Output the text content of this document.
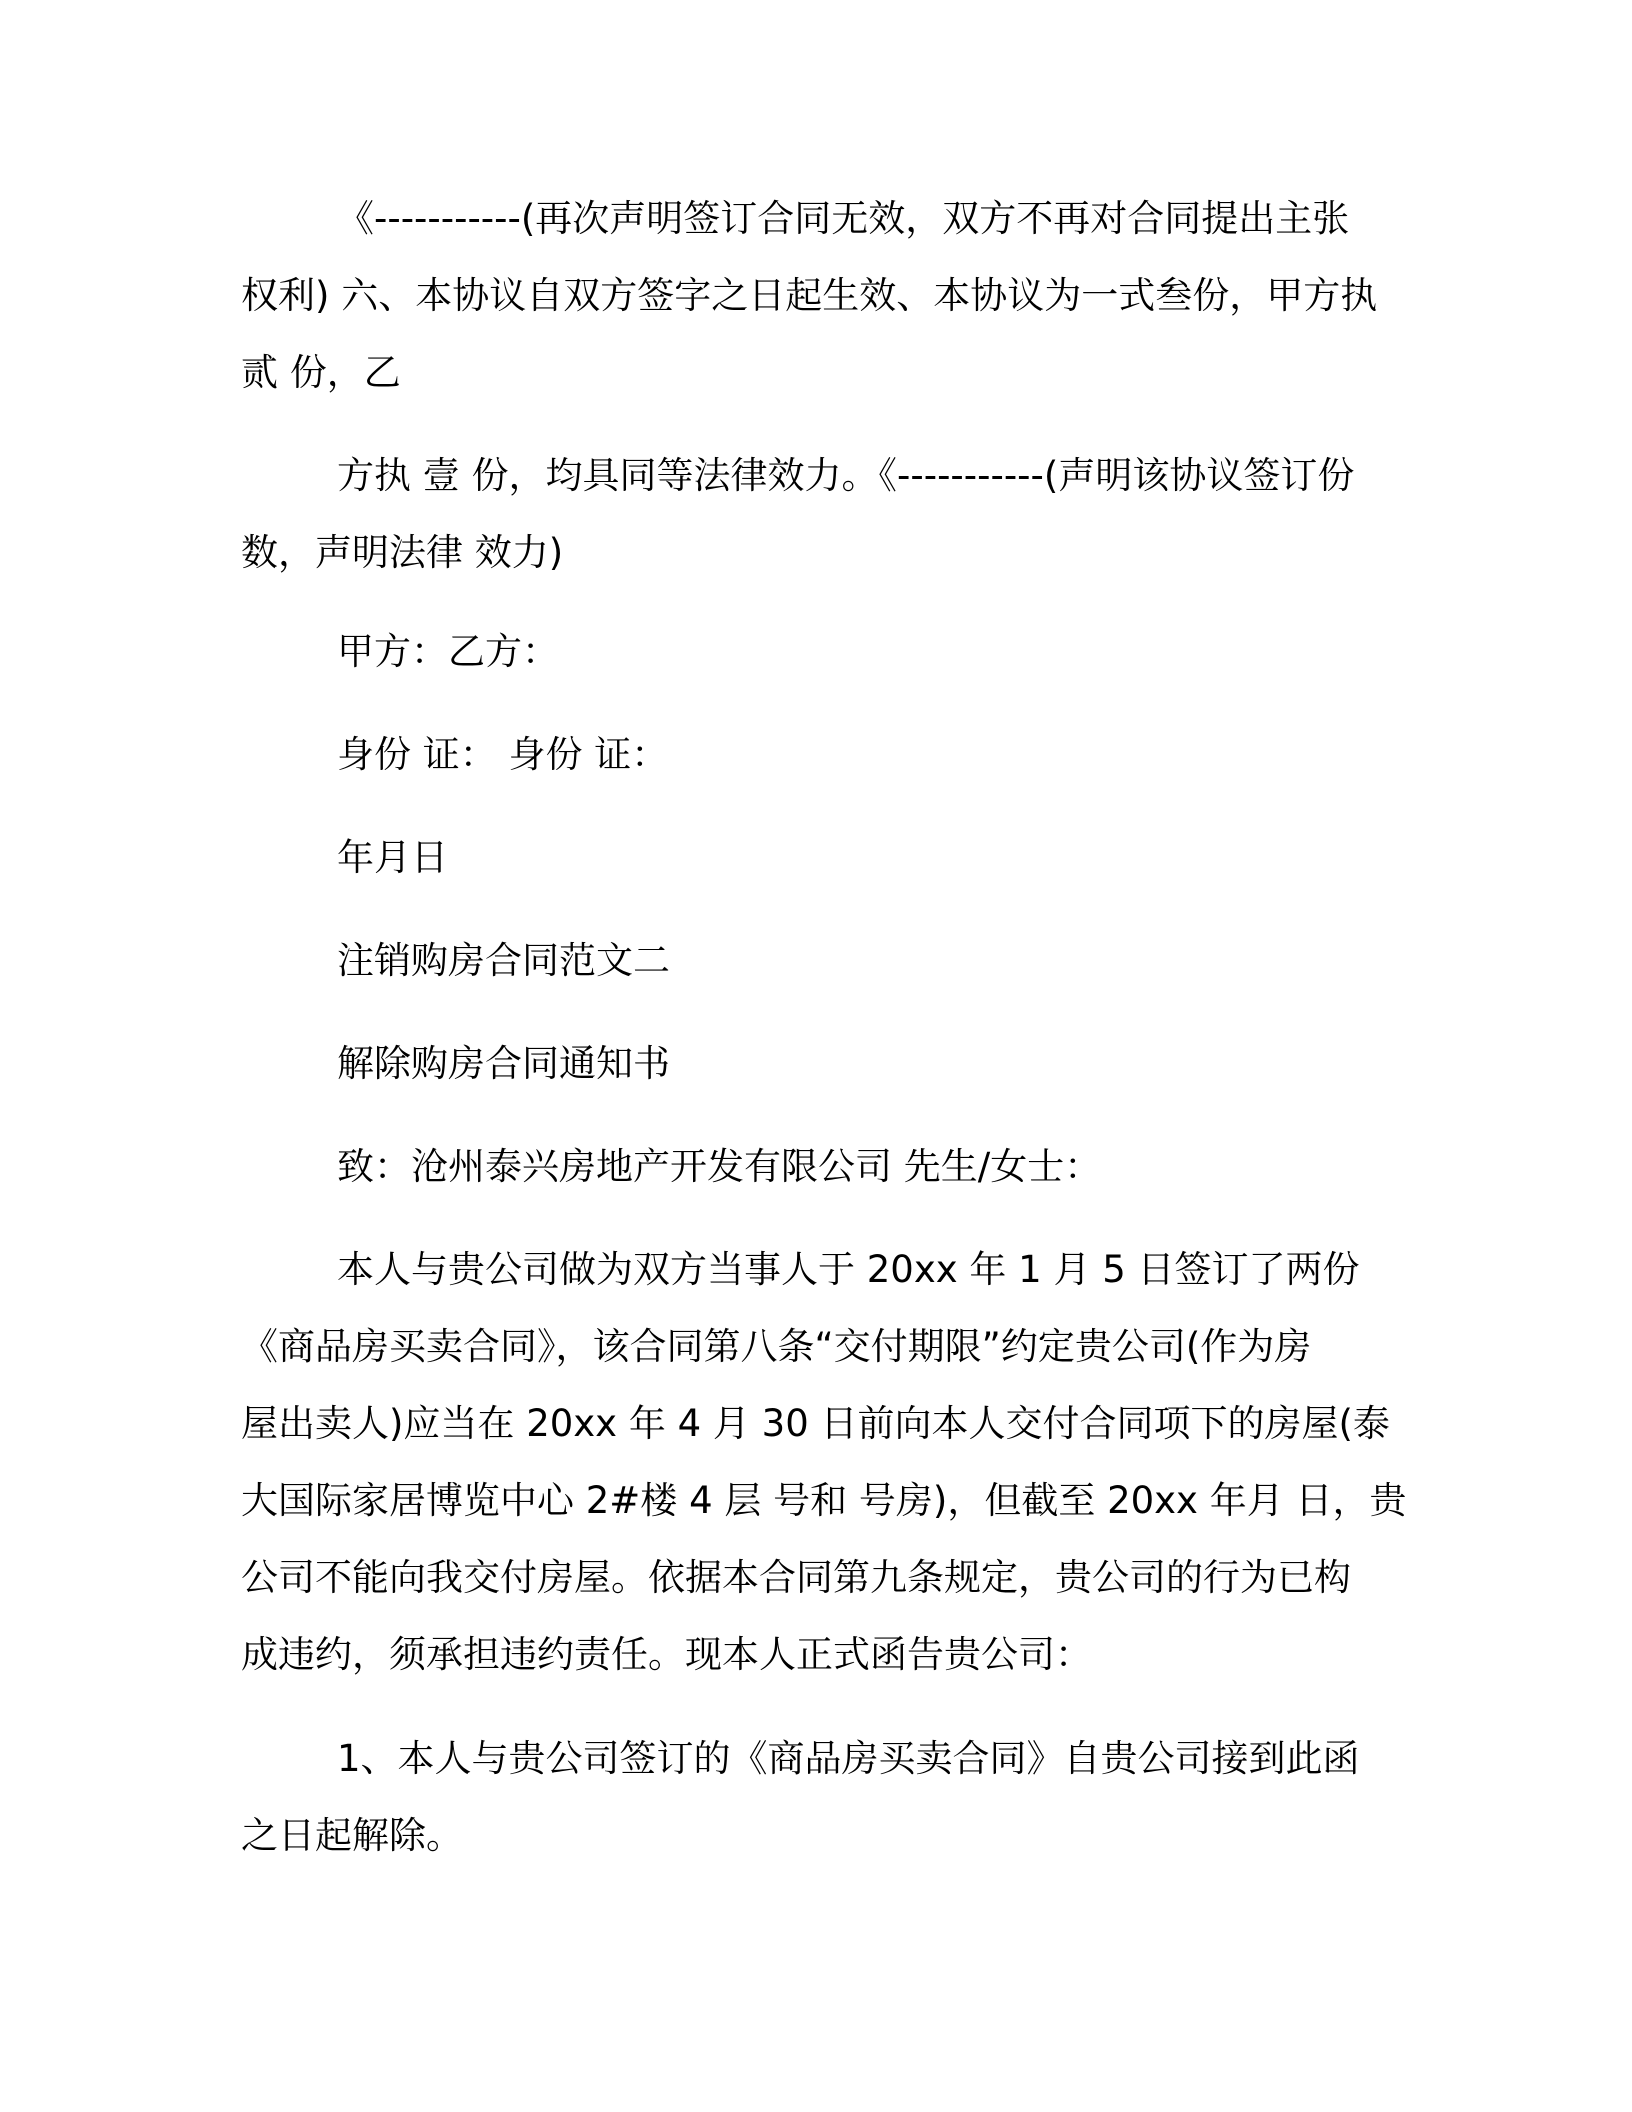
《-----------(再次声明签订合同无效，双方不再对合同提出主张
权利) 六、本协议自双方签字之日起生效、本协议为一式叁份，甲方执
贰 份，乙
方执 壹 份，均具同等法律效力。《-----------(声明该协议签订份
数，声明法律 效力)
甲方：乙方：
身份 证： 身份 证：
年月日
注销购房合同范文二
解除购房合同通知书
致：沧州泰兴房地产开发有限公司 先生/女士：
本人与贵公司做为双方当事人于 20xx 年 1 月 5 日签订了两份
《商品房买卖合同》，该合同第八条“交付期限”约定贵公司(作为房
屋出卖人)应当在 20xx 年 4 月 30 日前向本人交付合同项下的房屋(泰
大国际家居博览中心 2#楼 4 层 号和 号房)，但截至 20xx 年月 日，贵
公司不能向我交付房屋。依据本合同第九条规定，贵公司的行为已构
成违约，须承担违约责任。现本人正式函告贵公司：
1、本人与贵公司签订的《商品房买卖合同》自贵公司接到此函
之日起解除。
